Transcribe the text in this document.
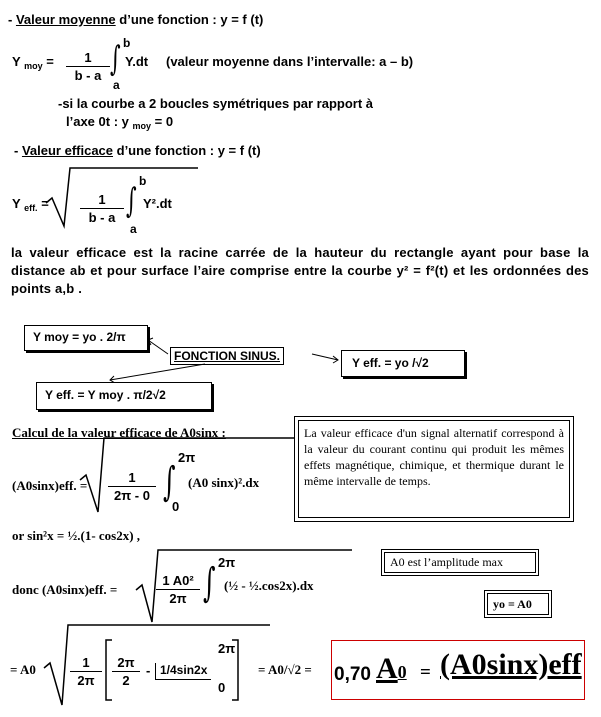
- Valeur moyenne d’une fonction : y = f (t)
Y $_{moy} = \frac{1}{b - a}$ ∫ b
a
Y.dt (valeur moyenne dans l’intervalle: a – b)
-si la courbe a 2 boucles symétriques par rapport à
l’axe 0t : y $_{moy}$ = 0
- Valeur efficace d’une fonction : y = f (t)
Y $_{eff.} = \frac{1}{b - a}$ ∫ b
a
Y².dt
la valeur efficace est la racine carrée de la hauteur du rectangle ayant pour base la distance ab et pour surface l’aire comprise entre la courbe y² = f²(t) et les ordonnées des points a,b .
Y moy = yo . 2/π
FONCTION SINUS.	Y eff. = yo /√2
Y eff. = Y moy . π/2√2
Calcul de la valeur efficace de A0sinx :
(A0sinx)eff. = $\frac{1}{2\pi - 0}$ ∫
2π
0
(A0 sinx)².dx
La valeur efficace d'un signal alternatif correspond à la valeur du courant continu qui produit les mêmes effets magnétique, chimique, et thermique durant le même intervalle de temps.
or sin²x = ½.(1- cos2x) ,
donc (A0sinx)eff. =	$\frac{\text{1 A0²}}{2\pi}$ ∫ 2π
(½ - ½.cos2x).dx
A0 est l’amplitude max
yo = A0
= A0	$\frac{1}{2\pi} \frac{2\pi}{2} - 1/4\sin 2x$
2π
0
= A0/√2 = 0,70 A0 = (A0sinx)eff
